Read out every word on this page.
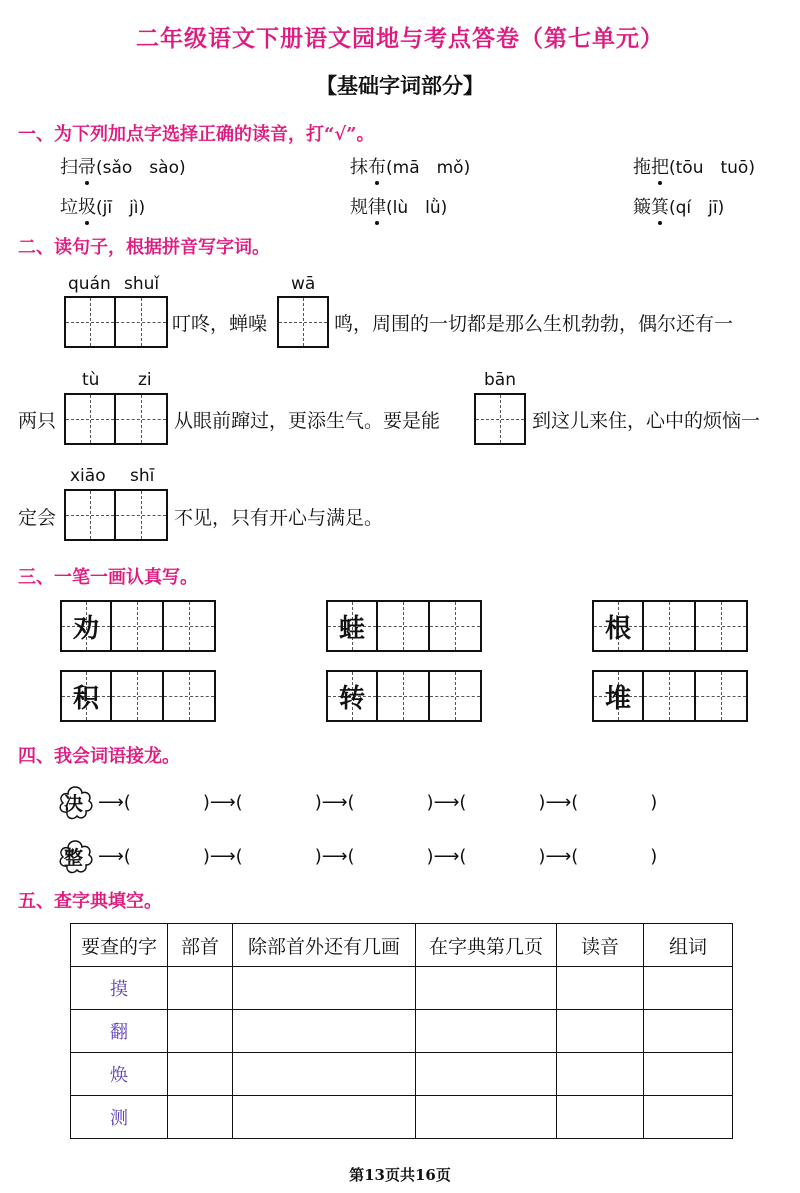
二年级语文下册语文园地与考点答卷（第七单元）
【基础字词部分】
一、为下列加点字选择正确的读音，打“√”。
扫帚(sǎo　sào)	抹布(mā　mǒ)	拖把(tōu　tuō)
垃圾(jī　jì)	规律(lù　lǜ)	簸箕(qí　jī)
二、读句子，根据拼音写字词。
quán shuǐ
叮咚，蝉噪
wā
鸣，周围的一切都是那么生机勃勃，偶尔还有一
两只
tù zi
从眼前蹿过，更添生气。要是能
bān
到这儿来住，心中的烦恼一
定会
xiāo shī
不见，只有开心与满足。
三、一笔一画认真写。
劝	蛙	根
积	转	堆
四、我会词语接龙。
决 ⟶(	)⟶(	)⟶(	)⟶(	)⟶(	)
整 ⟶(	)⟶(	)⟶(	)⟶(	)⟶(	)
五、查字典填空。
要查的字	部首	除部首外还有几画	在字典第几页	读音	组词
摸					
翻					
焕					
测					
第13页共16页
